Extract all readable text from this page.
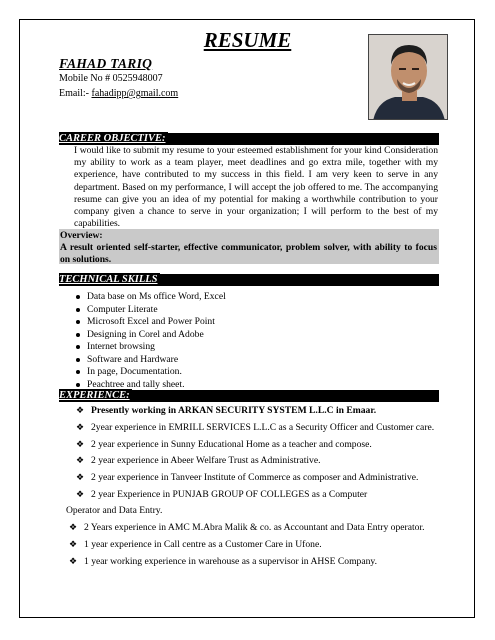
RESUME
FAHAD TARIQ
Mobile No # 0525948007
Email:- fahadipp@gmail.com
CAREER OBJECTIVE:

I would like to submit my resume to your esteemed establishment for your kind Consideration my ability to work as a team player, meet deadlines and go extra mile, together with my experience, have contributed to my success in this field. I am very keen to serve in any department. Based on my performance, I will accept the job offered to me. The accompanying resume can give you an idea of my potential for making a worthwhile contribution to your company given a chance to serve in your organization; I will perform to the best of my capabilities.

Overview:
A result oriented self-starter, effective communicator, problem solver, with ability to focus on solutions.
TECHNICAL SKILLS
Data base on Ms office Word, Excel
Computer Literate
Microsoft Excel and Power Point
Designing in Corel and Adobe
Internet browsing
Software and Hardware
In page, Documentation.
Peachtree and tally sheet.
EXPERIENCE:
❖ Presently working in ARKAN SECURITY SYSTEM L.L.C in Emaar.
❖ 2year experience in EMRILL SERVICES L.L.C as a Security Officer and Customer care.
❖ 2 year experience in Sunny Educational Home as a teacher and compose.
❖ 2 year experience in Abeer Welfare Trust as Administrative.
❖ 2 year experience in Tanveer Institute of Commerce as composer and Administrative.
❖ 2 year Experience in PUNJAB GROUP OF COLLEGES as a Computer
Operator and Data Entry.
❖ 2 Years experience in AMC M.Abra Malik & co. as Accountant and Data Entry operator.
❖ 1 year experience in Call centre as a Customer Care in Ufone.
❖ 1 year working experience in warehouse as a supervisor in AHSE Company.
